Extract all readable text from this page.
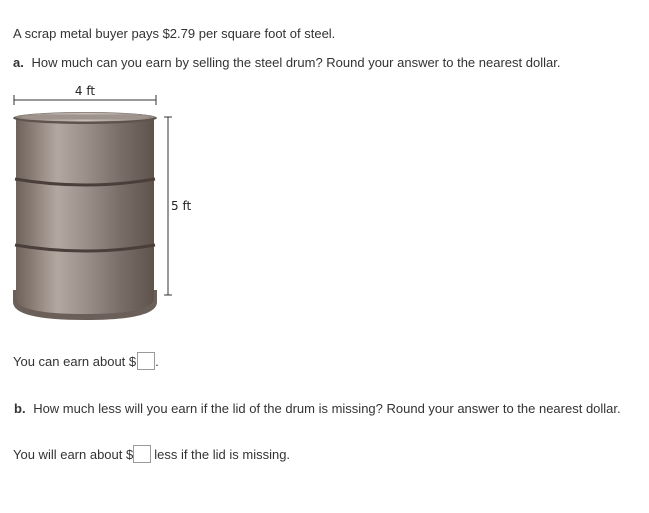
A scrap metal buyer pays $2.79 per square foot of steel.
a. How much can you earn by selling the steel drum? Round your answer to the nearest dollar.
4 ft
5 ft
You can earn about $ .
b. How much less will you earn if the lid of the drum is missing? Round your answer to the nearest dollar.
You will earn about $ less if the lid is missing.
